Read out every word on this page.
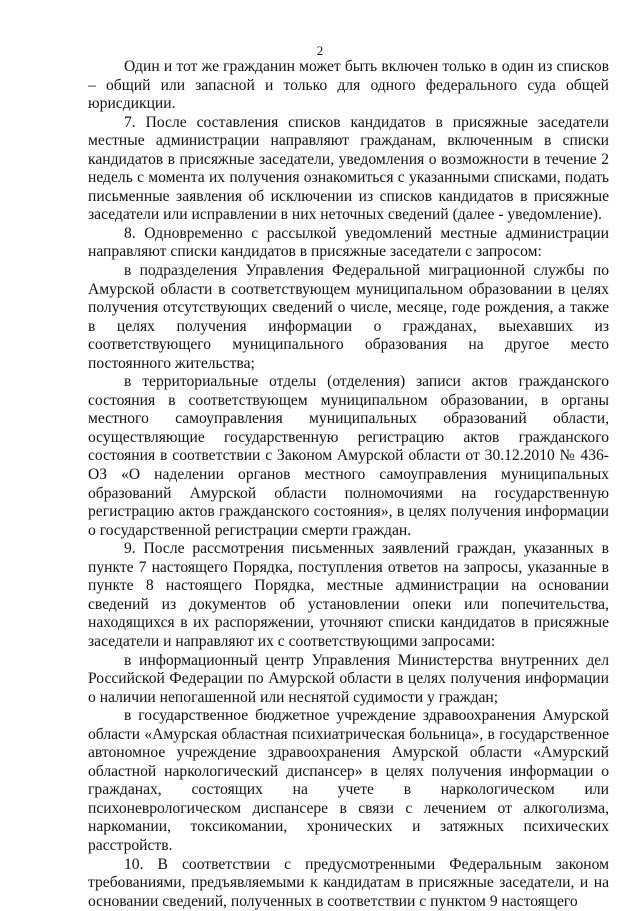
2

Один и тот же гражданин может быть включен только в один из списков – общий или запасной и только для одного федерального суда общей юрисдикции.

7. После составления списков кандидатов в присяжные заседатели местные администрации направляют гражданам, включенным в списки кандидатов в присяжные заседатели, уведомления о возможности в течение 2 недель с момента их получения ознакомиться с указанными списками, подать письменные заявления об исключении из списков кандидатов в присяжные заседатели или исправлении в них неточных сведений (далее - уведомление).

8. Одновременно с рассылкой уведомлений местные администрации направляют списки кандидатов в присяжные заседатели с запросом:

в подразделения Управления Федеральной миграционной службы по Амурской области в соответствующем муниципальном образовании в целях получения отсутствующих сведений о числе, месяце, годе рождения, а также в целях получения информации о гражданах, выехавших из соответствующего муниципального образования на другое место постоянного жительства;

в территориальные отделы (отделения) записи актов гражданского состояния в соответствующем муниципальном образовании, в органы местного самоуправления муниципальных образований области, осуществляющие государственную регистрацию актов гражданского состояния в соответствии с Законом Амурской области от 30.12.2010 № 436-ОЗ «О наделении органов местного самоуправления муниципальных образований Амурской области полномочиями на государственную регистрацию актов гражданского состояния», в целях получения информации о государственной регистрации смерти граждан.

9. После рассмотрения письменных заявлений граждан, указанных в пункте 7 настоящего Порядка, поступления ответов на запросы, указанные в пункте 8 настоящего Порядка, местные администрации на основании сведений из документов об установлении опеки или попечительства, находящихся в их распоряжении, уточняют списки кандидатов в присяжные заседатели и направляют их с соответствующими запросами:

в информационный центр Управления Министерства внутренних дел Российской Федерации по Амурской области в целях получения информации о наличии непогашенной или неснятой судимости у граждан;

в государственное бюджетное учреждение здравоохранения Амурской области «Амурская областная психиатрическая больница», в государственное автономное учреждение здравоохранения Амурской области «Амурский областной наркологический диспансер» в целях получения информации о гражданах, состоящих на учете в наркологическом или психоневрологическом диспансере в связи с лечением от алкоголизма, наркомании, токсикомании, хронических и затяжных психических расстройств.

10. В соответствии с предусмотренными Федеральным законом требованиями, предъявляемыми к кандидатам в присяжные заседатели, и на основании сведений, полученных в соответствии с пунктом 9 настоящего
